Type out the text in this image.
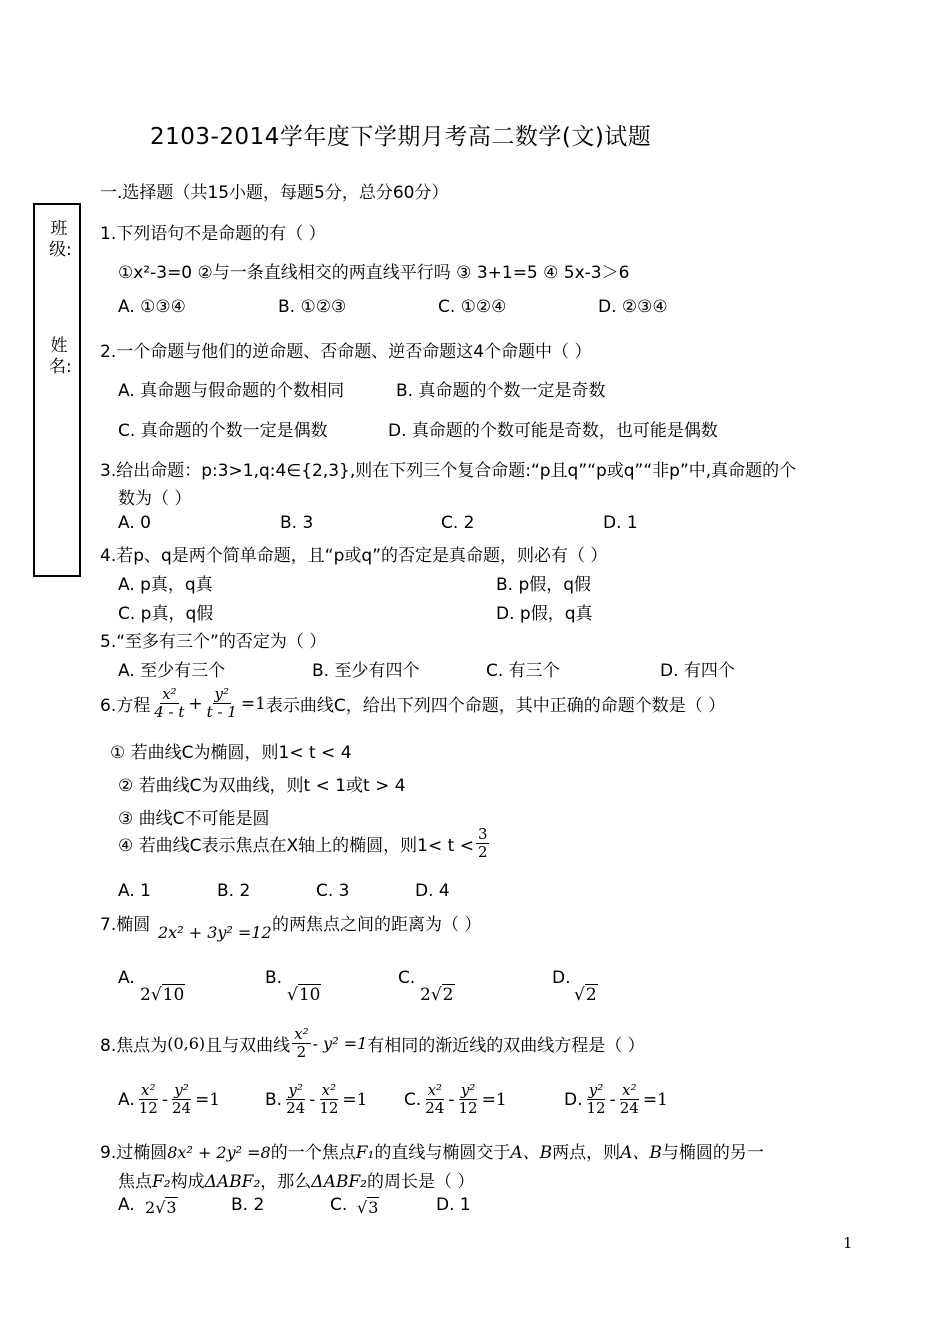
2103-2014学年度下学期月考高二数学(文)试题
一.选择题（共15小题，每题5分，总分60分）
班级:
姓名:
1.下列语句不是命题的有（ ）
①x²-3=0 ②与一条直线相交的两直线平行吗 ③ 3+1=5 ④ 5x-3＞6
A. ①③④	B. ①②③	C. ①②④	D. ②③④
2.一个命题与他们的逆命题、否命题、逆否命题这4个命题中（ ）
A. 真命题与假命题的个数相同	B. 真命题的个数一定是奇数
C. 真命题的个数一定是偶数	D. 真命题的个数可能是奇数，也可能是偶数
3.给出命题：p:3>1,q:4∈{2,3},则在下列三个复合命题:“p且q”“p或q”“非p”中,真命题的个
数为（ ）
A. 0	B. 3	C. 2	D. 1
4.若p、q是两个简单命题，且“p或q”的否定是真命题，则必有（ ）
A. p真，q真	B. p假，q假
C. p真，q假	D. p假，q真
5.“至多有三个”的否定为（ ）
A. 至少有三个	B. 至少有四个	C. 有三个	D. 有四个
6.方程 $\frac{\text{x²}}{4 - t} + \frac{\text{y²}}{t - 1} =1$ 表示曲线C，给出下列四个命题，其中正确的命题个数是（ ）
① 若曲线C为椭圆，则1< t < 4
② 若曲线C为双曲线，则t < 1或t > 4
③ 曲线C不可能是圆
④ 若曲线C表示焦点在X轴上的椭圆，则$1< t < \frac{3}{2}$
A. 1	B. 2	C. 3	D. 4
7.椭圆 2x² + 3y² =12 的两焦点之间的距离为（ ）
A.
2√10
B.
√10
C.
2√2
D.
√2
8.焦点为 (0,6) 且与双曲线 $\frac{\text{x²}}{2} - y^2 =1$ 有相同的渐近线的双曲线方程是（ ）
A. $\frac{\text{x²}}{12} - \frac{\text{y²}}{24} =1$	B. $\frac{\text{y²}}{24} - \frac{\text{x²}}{12} =1$ C. $\frac{\text{x²}}{24} - \frac{\text{y²}}{12} =1$	D. $\frac{\text{y²}}{12} - \frac{\text{x²}}{24} =1$
9.过椭圆 8x² + 2y² =8 的一个焦点 F₁ 的直线与椭圆交于 A、B 两点，则 A、B 与椭圆的另一
焦点 F₂ 构成 ΔABF₂ ，那么 ΔABF₂ 的周长是（ ）
A. 2√3	B. 2	C. √3	D. 1
1
